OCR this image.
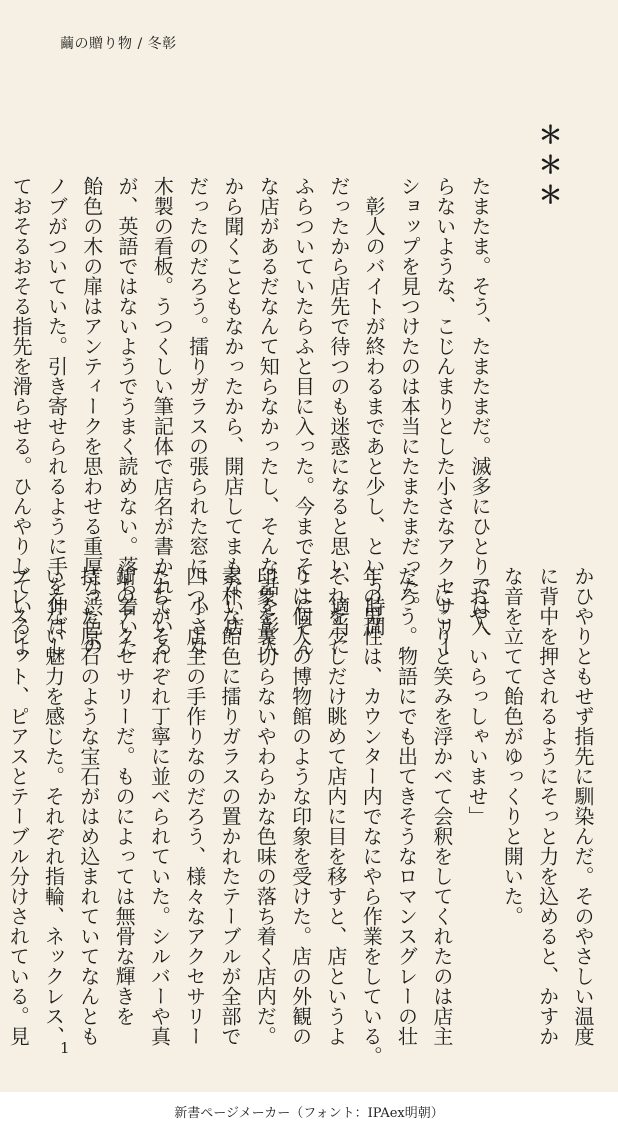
繭の贈り物 / 冬彰
＊＊＊

たまたま。そう、たまたまだ。滅多にひとりでは入

らないような、こじんまりとした小さなアクセサリー

ショップを見つけたのは本当にたまたまだった。

　彰人のバイトが終わるまであと少し、という時間

だったから店先で待つのも迷惑になると思い、適当に

ふらついていたらふと目に入った。今までそこにそん

な店があるだなんて知らなかったし、そんな話を彰人

から聞くこともなかったから、開店してまもない店

だったのだろう。擂りガラスの張られた窓に、小さな

木製の看板。うつくしい筆記体で店名が書かれている

が、英語ではないようでうまく読めない。落ち着いた

飴色の木の扉はアンティークを思わせる重厚な渋色の

ノブがついていた。引き寄せられるように手を伸ばし

ておそるおそる指先を滑らせる。ひんやりしているよ

かひやりともせず指先に馴染んだ。そのやさしい温度

に背中を押されるようにそっと力を込めると、かすか

な音を立てて飴色がゆっくりと開いた。

「おや、いらっしゃいませ」

　にこりと笑みを浮かべて会釈をしてくれたのは店主

だろう。物語にでも出てきそうなロマンスグレーの壮

年の男性は、カウンター内でなにやら作業をしている。

それを少しだけ眺めて店内に目を移すと、店というよ

りは個人の博物館のような印象を受けた。店の外観の

印象を裏切らないやわらかな色味の落ち着く店内だ。

素朴な飴色に擂りガラスの置かれたテーブルが全部で

四つ。店主の手作りなのだろう、様々なアクセサリー

たちがそれぞれ丁寧に並べられていた。シルバーや真

鍮のアクセサリーだ。ものによっては無骨な輝きを

持った原石のような宝石がはめ込まれていてなんとも

いえない魅力を感じた。それぞれ指輪、ネックレス、

ブレスレット、ピアスとテーブル分けされている。見

1
新書ページメーカー（フォント：IPAex明朝）
